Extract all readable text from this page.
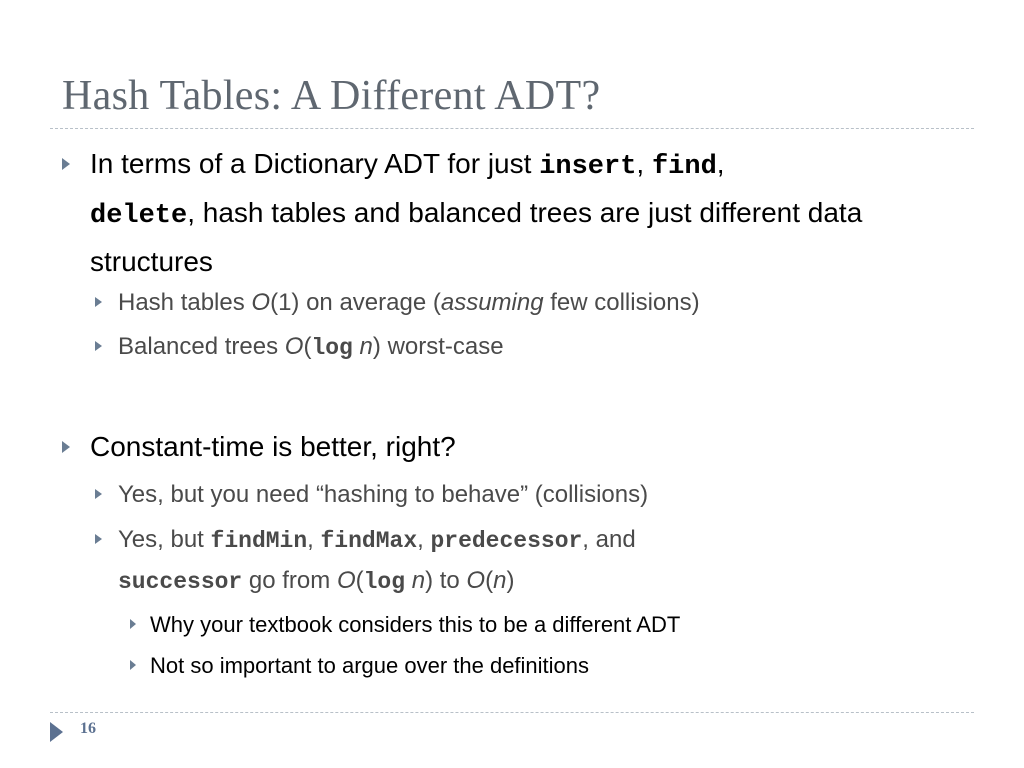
Hash Tables: A Different ADT?
In terms of a Dictionary ADT for just insert, find,
delete, hash tables and balanced trees are just different data structures
Hash tables O(1) on average (assuming few collisions)
Balanced trees O(log n) worst-case
Constant-time is better, right?
Yes, but you need “hashing to behave” (collisions)
Yes, but findMin, findMax, predecessor, and
successor go from O(log n) to O(n)
Why your textbook considers this to be a different ADT
Not so important to argue over the definitions
16
